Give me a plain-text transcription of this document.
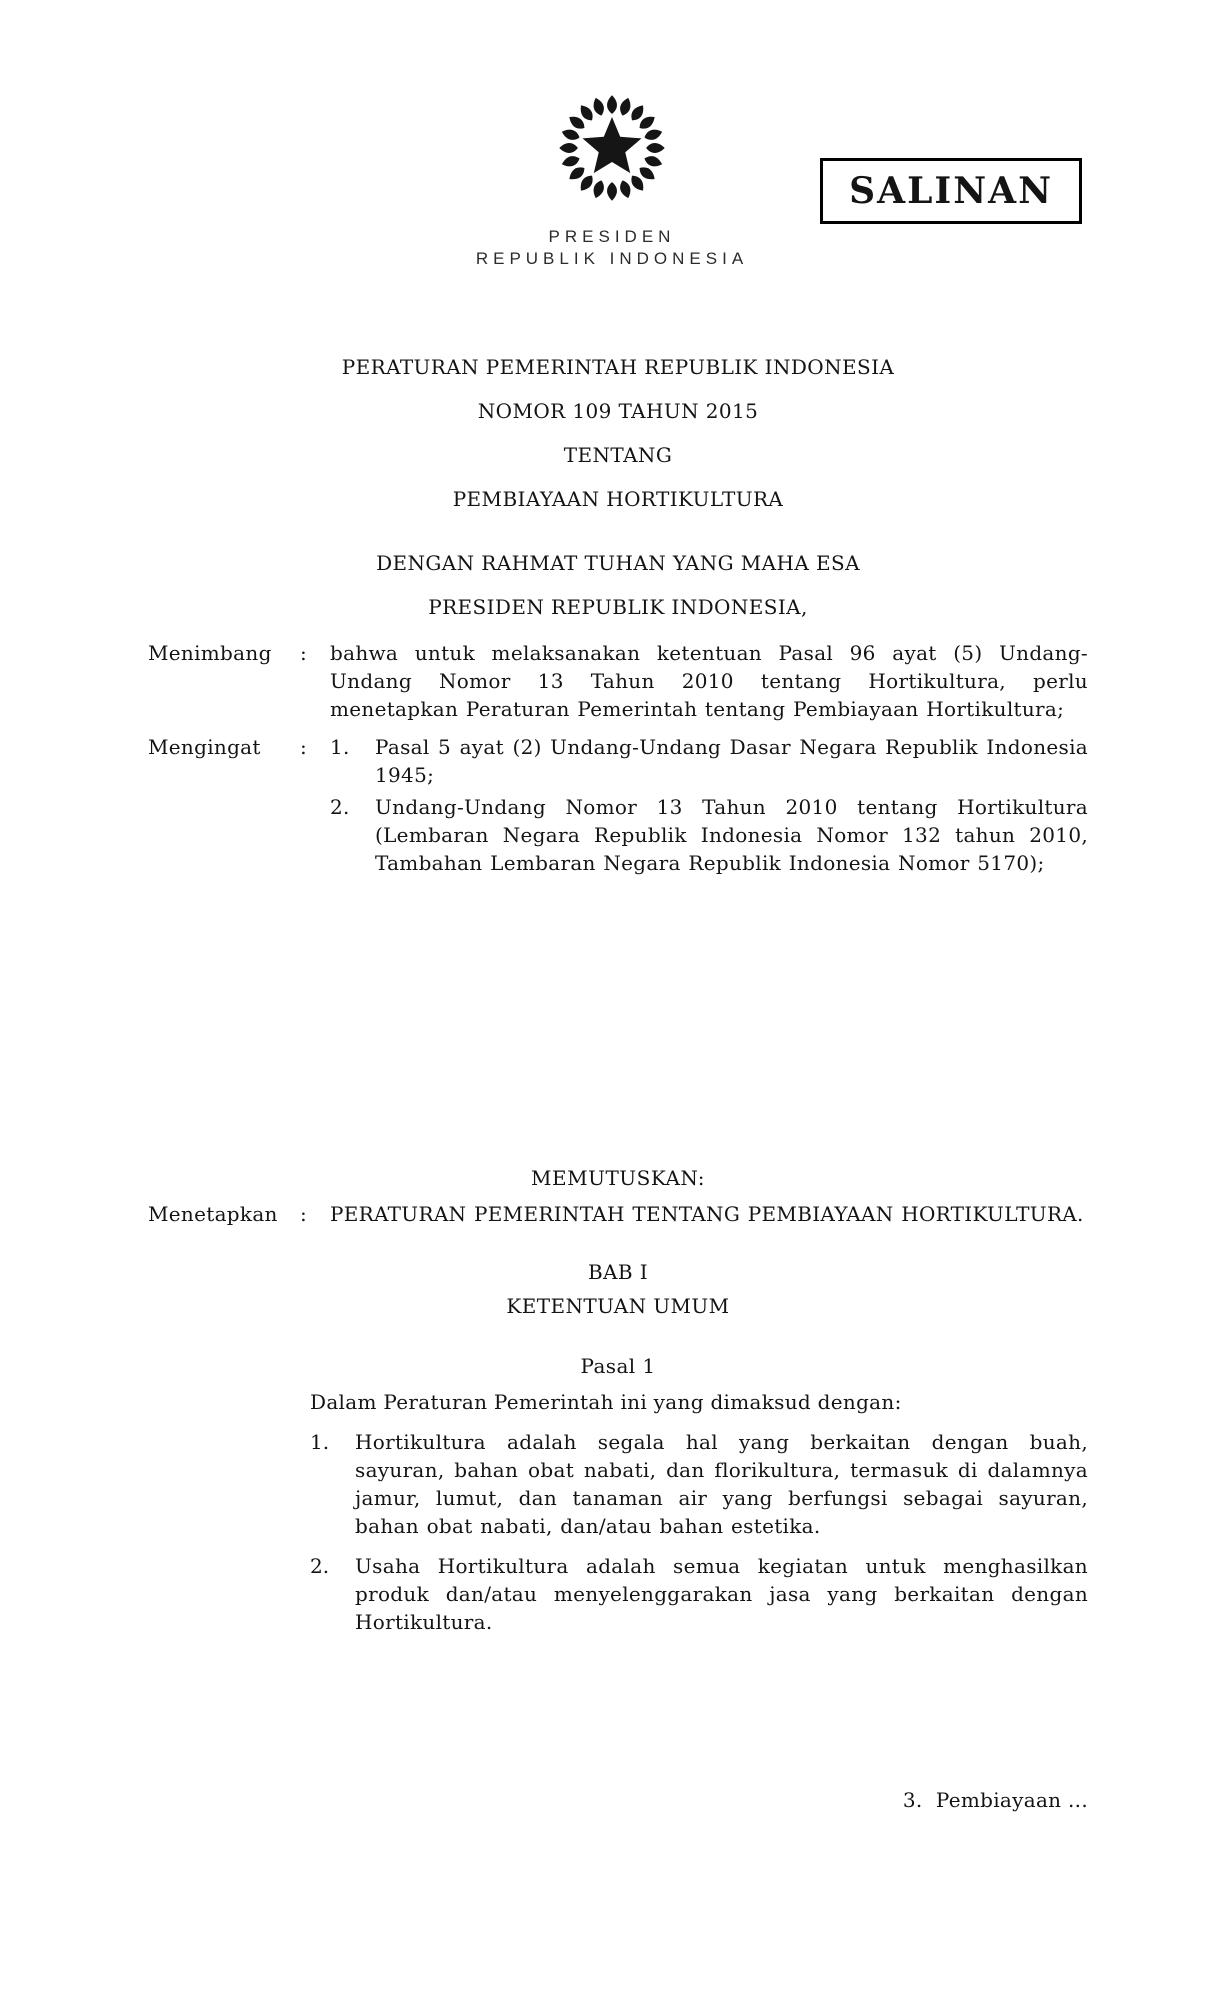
SALINAN
PRESIDEN
REPUBLIK INDONESIA

PERATURAN PEMERINTAH REPUBLIK INDONESIA

NOMOR 109 TAHUN 2015

TENTANG

PEMBIAYAAN HORTIKULTURA

DENGAN RAHMAT TUHAN YANG MAHA ESA

PRESIDEN REPUBLIK INDONESIA,

Menimbang	:	bahwa untuk melaksanakan ketentuan Pasal 96 ayat (5) Undang-Undang Nomor 13 Tahun 2010 tentang Hortikultura, perlu menetapkan Peraturan Pemerintah tentang Pembiayaan Hortikultura;
Mengingat	:	1.	Pasal 5 ayat (2) Undang-Undang Dasar Negara Republik Indonesia 1945;
2.	Undang-Undang Nomor 13 Tahun 2010 tentang Hortikultura (Lembaran Negara Republik Indonesia Nomor 132 tahun 2010, Tambahan Lembaran Negara Republik Indonesia Nomor 5170);

MEMUTUSKAN:

Menetapkan	:	PERATURAN PEMERINTAH TENTANG PEMBIAYAAN HORTIKULTURA.

BAB I

KETENTUAN UMUM

Pasal 1

Dalam Peraturan Pemerintah ini yang dimaksud dengan:

1.	Hortikultura adalah segala hal yang berkaitan dengan buah, sayuran, bahan obat nabati, dan florikultura, termasuk di dalamnya jamur, lumut, dan tanaman air yang berfungsi sebagai sayuran, bahan obat nabati, dan/atau bahan estetika.
2.	Usaha Hortikultura adalah semua kegiatan untuk menghasilkan produk dan/atau menyelenggarakan jasa yang berkaitan dengan Hortikultura.

3.  Pembiayaan ...
